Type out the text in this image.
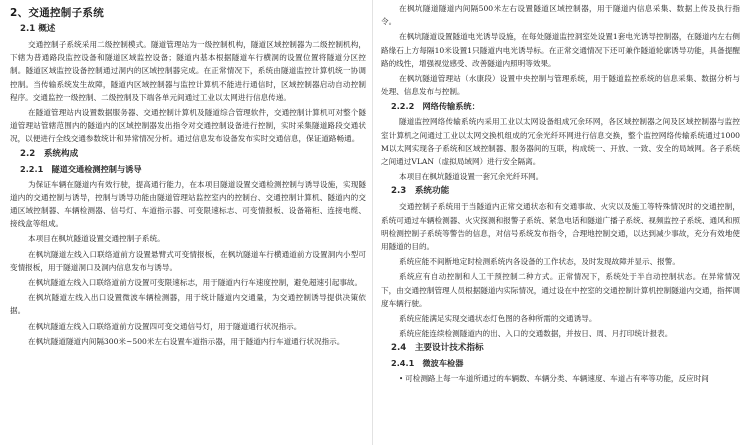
2、交通控制子系统
2.1 概述

交通控制子系统采用二级控制模式。隧道管理站为一级控制机构，隧道区域控制器为二级控制机构，下辖为普通路段监控设备和隧道区域监控设备；隧道内基本根据隧道车行横洞的设置位置将隧道分区控制。隧道区域监控设备控制通过洞内的区域控制器完成。在正常情况下，系统由隧道监控计算机统一协调控制。当传输系统发生故障，隧道内区域控制器与监控计算机不能进行通信时，区域控制器启动自动控制程序。交通监控一级控制、二级控制及下端各单元间通过工业以太网进行信息传递。

在隧道管理站内设置数据服务器、交通控制计算机及隧道综合管理软件，交通控制计算机可对整个隧道管理站管辖范围内的隧道内的区域控制器发出指令对交通控制设备进行控制，实时采集隧道路段交通状况，以便进行全线交通参数统计和异常情况分析。通过信息发布设备发布实时交通信息，保证道路畅通。

2.2　系统构成
2.2.1　隧道交通检测控制与诱导

为保证车辆在隧道内有效行驶，提高通行能力，在本项目隧道设置交通检测控制与诱导设施，实现隧道内的交通控制与诱导，控制与诱导功能由隧道管理站监控室内的控制台、交通控制计算机、隧道内的交通区域控制器、车辆检测器、信号灯、车道指示器、可变限速标志、可变情报板、设备箱柜、连接电缆、接线盒等组成。

本项目在枫坑隧道设置交通控制子系统。

在枫坑隧道左线入口联络道前方设置悬臂式可变情报板，在枫坑隧道车行横通道前方设置洞内小型可变情报板，用于隧道洞口及洞内信息发布与诱导。

在枫坑隧道左线入口联络道前方设置可变限速标志，用于隧道内行车速度控制，避免超速引起事故。

在枫坑隧道左线入出口设置微波车辆检测器，用于统计隧道内交通量，为交通控制诱导提供决策依据。

在枫坑隧道左线入口联络道前方设置四可变交通信号灯，用于隧道通行状况指示。

在枫坑隧道隧道内间隔300米~500米左右设置车道指示器，用于隧道内行车道通行状况指示。

在枫坑隧道隧道内间隔500米左右设置隧道区域控制器，用于隧道内信息采集、数据上传及执行指令。

在枫坑隧道设置隧道电光诱导设施，在每处隧道监控洞室处设置1套电光诱导控制器，在隧道内左右侧路缘石上方每隔10米设置1只隧道内电光诱导标。在正常交通情况下还可兼作隧道轮廓诱导功能，具备提醒路的线性，增强视觉感受、改善隧道内照明等效果。

在枫坑隧道管理站（水康段）设置中央控制与管理系统，用于隧道监控系统的信息采集、数据分析与处理、信息发布与控制。

2.2.2　网络传输系统：

隧道监控网络传输系统内采用工业以太网设备组成冗余环网，各区域控制器之间及区域控制器与监控室计算机之间通过工业以太网交换机组成的冗余光纤环网进行信息交换，整个监控网络传输系统通过1000M以太网实现各子系统和区域控制器、服务器间的互联，构成统一、开放、一致、安全的局域网。各子系统之间通过VLAN（虚拟局域网）进行安全隔离。

本项目在枫坑隧道设置一套冗余光纤环网。

2.3　系统功能

交通控制子系统用于当隧道内正常交通状态和有交通事故、火灾以及施工等特殊情况时的交通控制，系统可通过车辆检测器、火灾探测和报警子系统、紧急电话和隧道广播子系统、视频监控子系统、通风和照明检测控制子系统等警告的信息，对信号系统发布指令，合理地控制交通，以达到减少事故，充分有效地使用隧道的目的。

系统应能不间断地定时检测系统内各设备的工作状态，及时发现故障并显示、报警。

系统应有自动控制和人工干预控制二种方式。正常情况下，系统处于半自动控制状态。在异常情况下，由交通控制管理人员根据隧道内实际情况，通过设在中控室的交通控制计算机控制隧道内交通，指挥调度车辆行驶。

系统应能满足实现交通状态灯色图的各种所需的交通诱导。

系统应能连续检测隧道内的出、入口的交通数据，并按日、周、月打印统计报表。

2.4　主要设计技术指标
2.4.1　微波车检器

• 可检测路上每一车道所通过的车辆数、车辆分类、车辆速度、车道占有率等功能，反应时间
